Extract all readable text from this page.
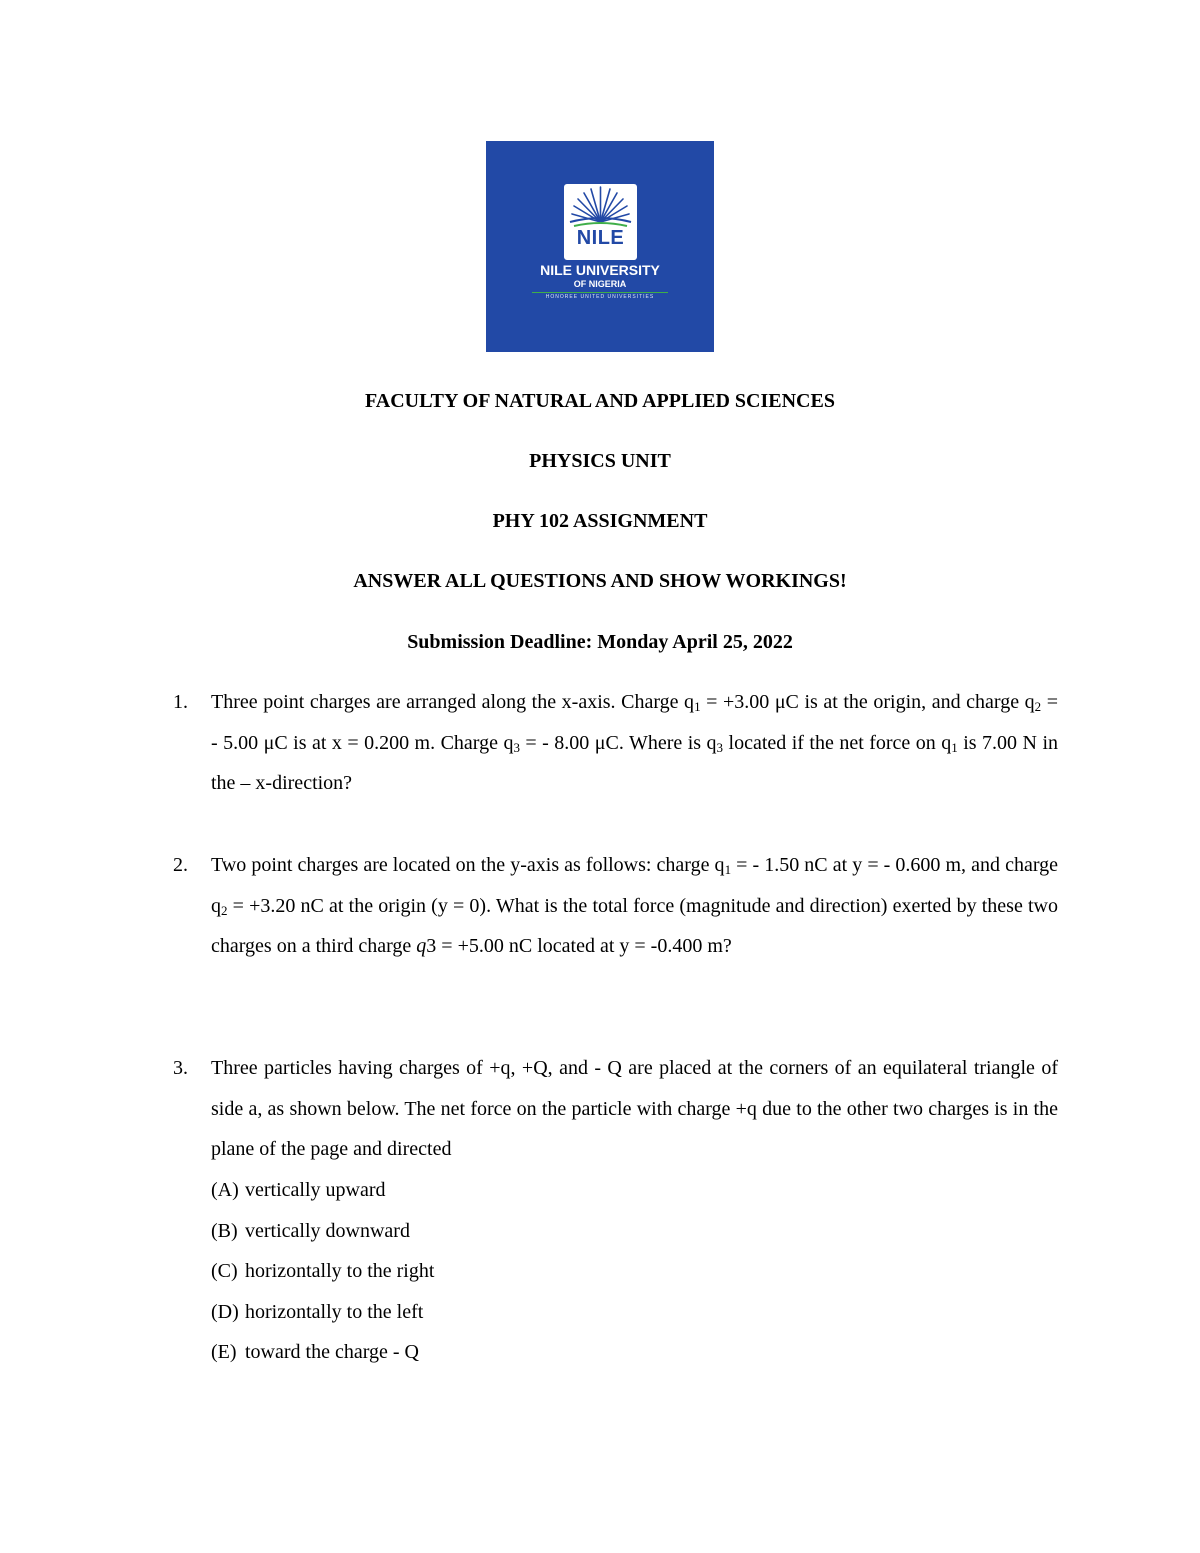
NILE
NILE UNIVERSITY
OF NIGERIA
HONOREE UNITED UNIVERSITIES
FACULTY OF NATURAL AND APPLIED SCIENCES
PHYSICS UNIT
PHY 102 ASSIGNMENT
ANSWER ALL QUESTIONS AND SHOW WORKINGS!
Submission Deadline: Monday April 25, 2022
1. Three point charges are arranged along the x-axis. Charge $q_1 = +3.00$ μC is at the origin, and charge $q_2$ = - 5.00 μC is at x = 0.200 m. Charge $q_3$ = - 8.00 μC. Where is $q_3$ located if the net force on $q_1$ is 7.00 N in the – x-direction?
2. Two point charges are located on the y-axis as follows: charge $q_1$ = - 1.50 nC at y = - 0.600 m, and charge $q_2 = +3.20$ nC at the origin (y = 0). What is the total force (magnitude and direction) exerted by these two charges on a third charge q3 = +5.00 nC located at y = -0.400 m?
3. Three particles having charges of +q, +Q, and - Q are placed at the corners of an equilateral triangle of side a, as shown below. The net force on the particle with charge +q due to the other two charges is in the plane of the page and directed
(A) vertically upward
(B) vertically downward
(C) horizontally to the right
(D) horizontally to the left
(E) toward the charge - Q
